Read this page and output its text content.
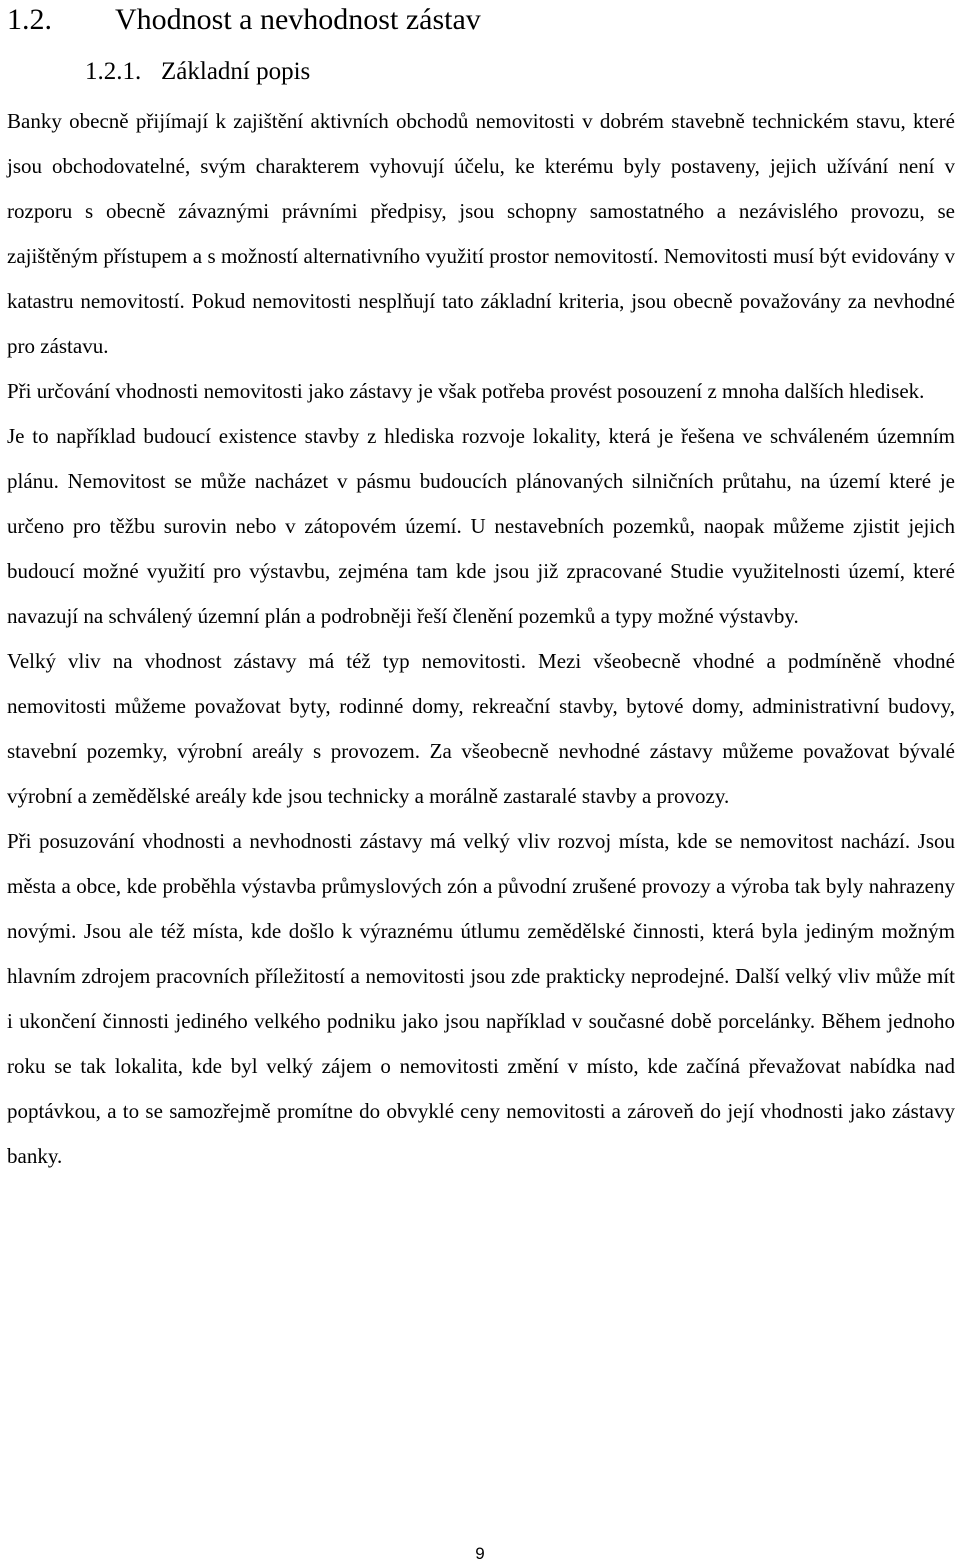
1.2. Vhodnost a nevhodnost zástav
1.2.1. Základní popis

Banky obecně přijímají k zajištění aktivních obchodů nemovitosti v dobrém stavebně technickém stavu, které jsou obchodovatelné, svým charakterem vyhovují účelu, ke kterému byly postaveny, jejich užívání není v rozporu s obecně závaznými právními předpisy, jsou schopny samostatného a nezávislého provozu, se zajištěným přístupem a s možností alternativního využití prostor nemovitostí. Nemovitosti musí být evidovány v katastru nemovitostí. Pokud nemovitosti nesplňují tato základní kriteria, jsou obecně považovány za nevhodné pro zástavu.

Při určování vhodnosti nemovitosti jako zástavy je však potřeba provést posouzení z mnoha dalších hledisek.

Je to například budoucí existence stavby z hlediska rozvoje lokality, která je řešena ve schváleném územním plánu. Nemovitost se může nacházet v pásmu budoucích plánovaných silničních průtahu, na území které je určeno pro těžbu surovin nebo v zátopovém území. U nestavebních pozemků, naopak můžeme zjistit jejich budoucí možné využití pro výstavbu, zejména tam kde jsou již zpracované Studie využitelnosti území, které navazují na schválený územní plán a podrobněji řeší členění pozemků a typy možné výstavby.

Velký vliv na vhodnost zástavy má též typ nemovitosti. Mezi všeobecně vhodné a podmíněně vhodné nemovitosti můžeme považovat byty, rodinné domy, rekreační stavby, bytové domy, administrativní budovy, stavební pozemky, výrobní areály s provozem. Za všeobecně nevhodné zástavy můžeme považovat bývalé výrobní a zemědělské areály kde jsou technicky a morálně zastaralé stavby a provozy.

Při posuzování vhodnosti a nevhodnosti zástavy má velký vliv rozvoj místa, kde se nemovitost nachází. Jsou města a obce, kde proběhla výstavba průmyslových zón a původní zrušené provozy a výroba tak byly nahrazeny novými. Jsou ale též místa, kde došlo k výraznému útlumu zemědělské činnosti, která byla jediným možným hlavním zdrojem pracovních příležitostí a nemovitosti jsou zde prakticky neprodejné. Další velký vliv může mít i ukončení činnosti jediného velkého podniku jako jsou například v současné době porcelánky. Během jednoho roku se tak lokalita, kde byl velký zájem o nemovitosti změní v místo, kde začíná převažovat nabídka nad poptávkou, a to se samozřejmě promítne do obvyklé ceny nemovitosti a zároveň do její vhodnosti jako zástavy banky.

9
